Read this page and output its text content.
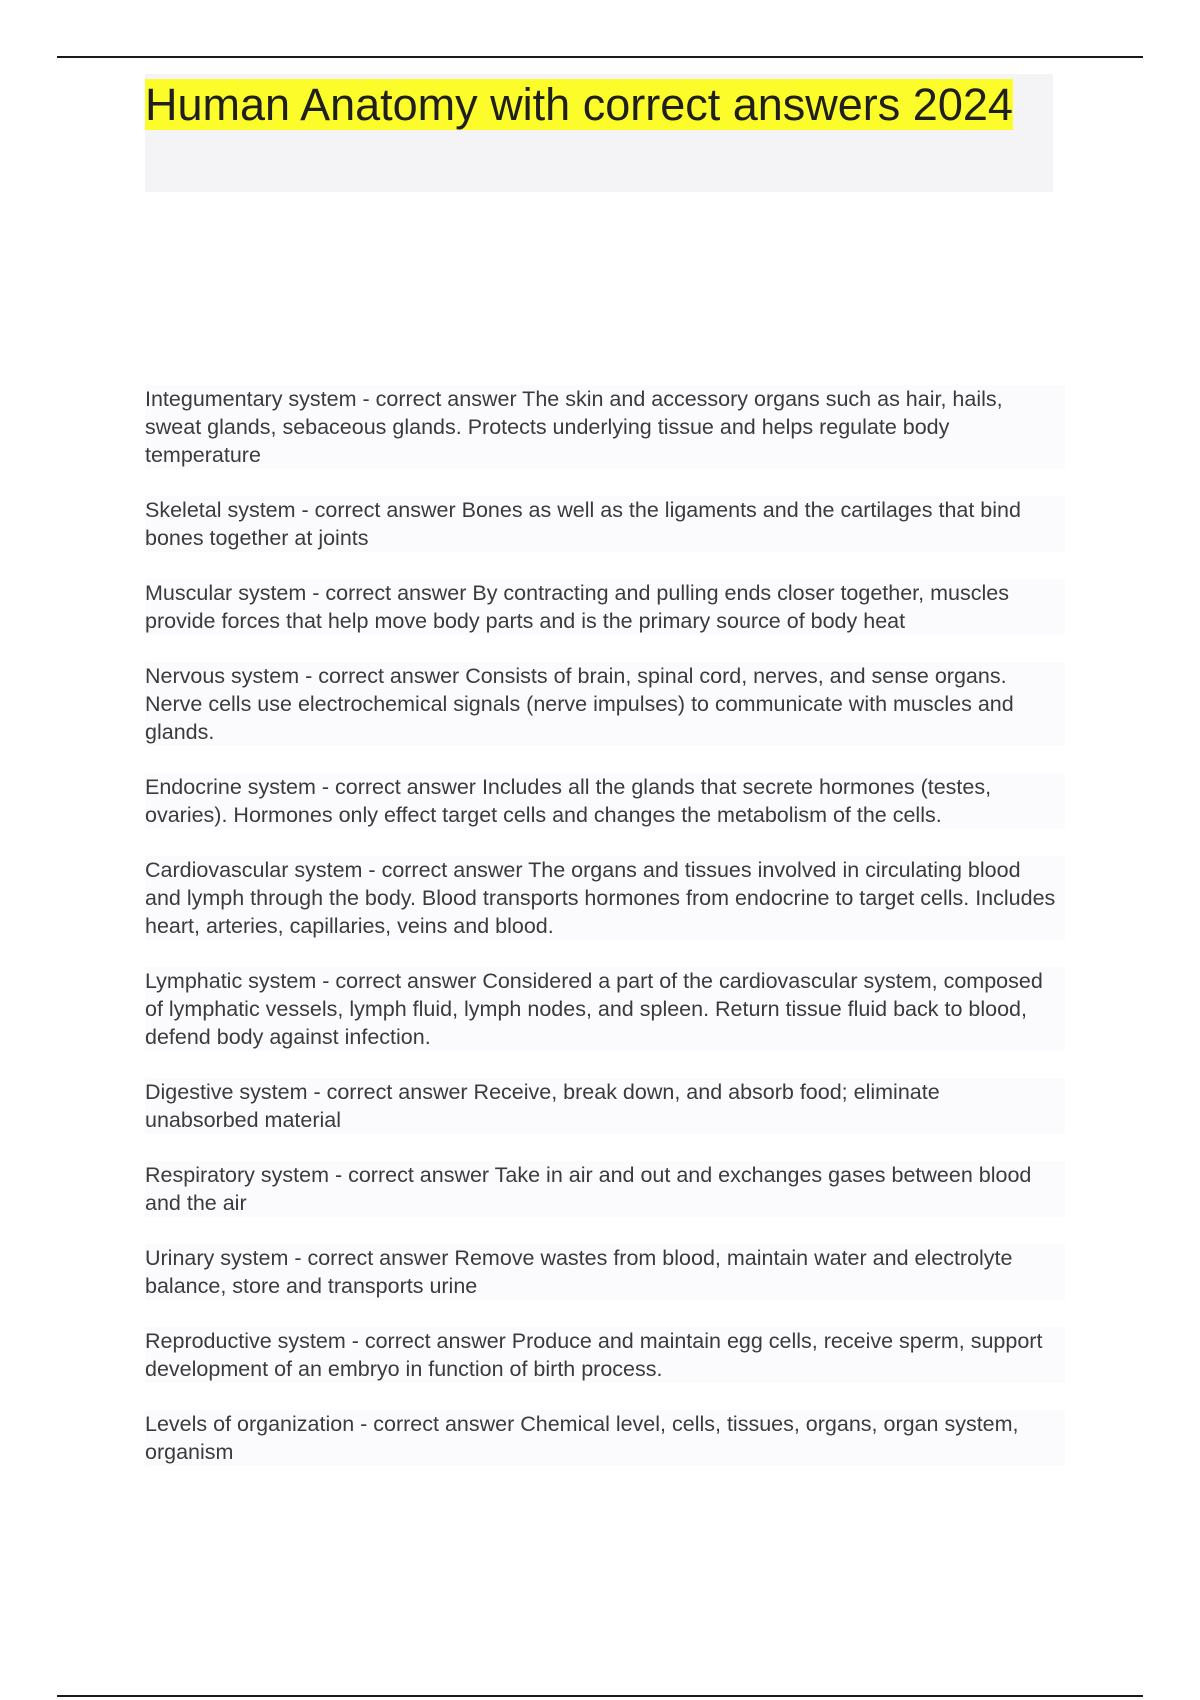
Human Anatomy with correct answers 2024
Integumentary system - correct answer The skin and accessory organs such as hair, hails, sweat glands, sebaceous glands. Protects underlying tissue and helps regulate body temperature
Skeletal system - correct answer Bones as well as the ligaments and the cartilages that bind bones together at joints
Muscular system - correct answer By contracting and pulling ends closer together, muscles provide forces that help move body parts and is the primary source of body heat
Nervous system - correct answer Consists of brain, spinal cord, nerves, and sense organs. Nerve cells use electrochemical signals (nerve impulses) to communicate with muscles and glands.
Endocrine system - correct answer Includes all the glands that secrete hormones (testes, ovaries). Hormones only effect target cells and changes the metabolism of the cells.
Cardiovascular system - correct answer The organs and tissues involved in circulating blood and lymph through the body. Blood transports hormones from endocrine to target cells. Includes heart, arteries, capillaries, veins and blood.
Lymphatic system - correct answer Considered a part of the cardiovascular system, composed of lymphatic vessels, lymph fluid, lymph nodes, and spleen. Return tissue fluid back to blood, defend body against infection.
Digestive system - correct answer Receive, break down, and absorb food; eliminate unabsorbed material
Respiratory system - correct answer Take in air and out and exchanges gases between blood and the air
Urinary system - correct answer Remove wastes from blood, maintain water and electrolyte balance, store and transports urine
Reproductive system - correct answer Produce and maintain egg cells, receive sperm, support development of an embryo in function of birth process.
Levels of organization - correct answer Chemical level, cells, tissues, organs, organ system, organism
